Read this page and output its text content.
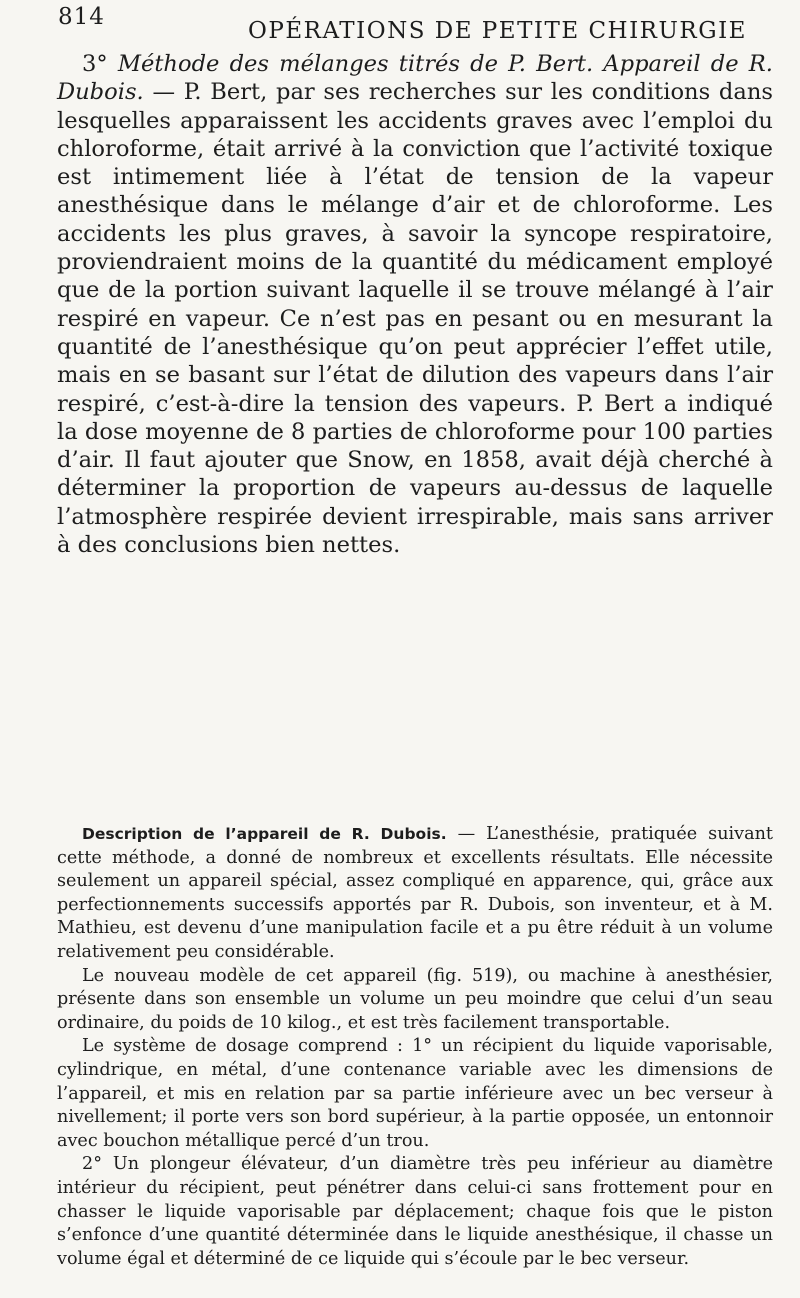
814
OPÉRATIONS DE PETITE CHIRURGIE

3° Méthode des mélanges titrés de P. Bert. Appareil de R. Dubois. — P. Bert, par ses recherches sur les conditions dans lesquelles apparaissent les accidents graves avec l’emploi du chloroforme, était arrivé à la conviction que l’activité toxique est intimement liée à l’état de tension de la vapeur anesthésique dans le mélange d’air et de chloroforme. Les accidents les plus graves, à savoir la syncope respiratoire, proviendraient moins de la quantité du médicament employé que de la portion suivant laquelle il se trouve mélangé à l’air respiré en vapeur. Ce n’est pas en pesant ou en mesurant la quantité de l’anesthésique qu’on peut apprécier l’effet utile, mais en se basant sur l’état de dilution des vapeurs dans l’air respiré, c’est-à-dire la tension des vapeurs. P. Bert a indiqué la dose moyenne de 8 parties de chloroforme pour 100 parties d’air. Il faut ajouter que Snow, en 1858, avait déjà cherché à déterminer la proportion de vapeurs au-dessus de laquelle l’atmosphère respirée devient irrespirable, mais sans arriver à des conclusions bien nettes.

Description de l’appareil de R. Dubois. — L’anesthésie, pratiquée suivant cette méthode, a donné de nombreux et excellents résultats. Elle nécessite seulement un appareil spécial, assez compliqué en apparence, qui, grâce aux perfectionnements successifs apportés par R. Dubois, son inventeur, et à M. Mathieu, est devenu d’une manipulation facile et a pu être réduit à un volume relativement peu considérable.

Le nouveau modèle de cet appareil (fig. 519), ou machine à anesthésier, présente dans son ensemble un volume un peu moindre que celui d’un seau ordinaire, du poids de 10 kilog., et est très facilement transportable.

Le système de dosage comprend : 1° un récipient du liquide vaporisable, cylindrique, en métal, d’une contenance variable avec les dimensions de l’appareil, et mis en relation par sa partie inférieure avec un bec verseur à nivellement; il porte vers son bord supérieur, à la partie opposée, un entonnoir avec bouchon métallique percé d’un trou.

2° Un plongeur élévateur, d’un diamètre très peu inférieur au diamètre intérieur du récipient, peut pénétrer dans celui-ci sans frottement pour en chasser le liquide vaporisable par déplacement; chaque fois que le piston s’enfonce d’une quantité déterminée dans le liquide anesthésique, il chasse un volume égal et déterminé de ce liquide qui s’écoule par le bec verseur.
